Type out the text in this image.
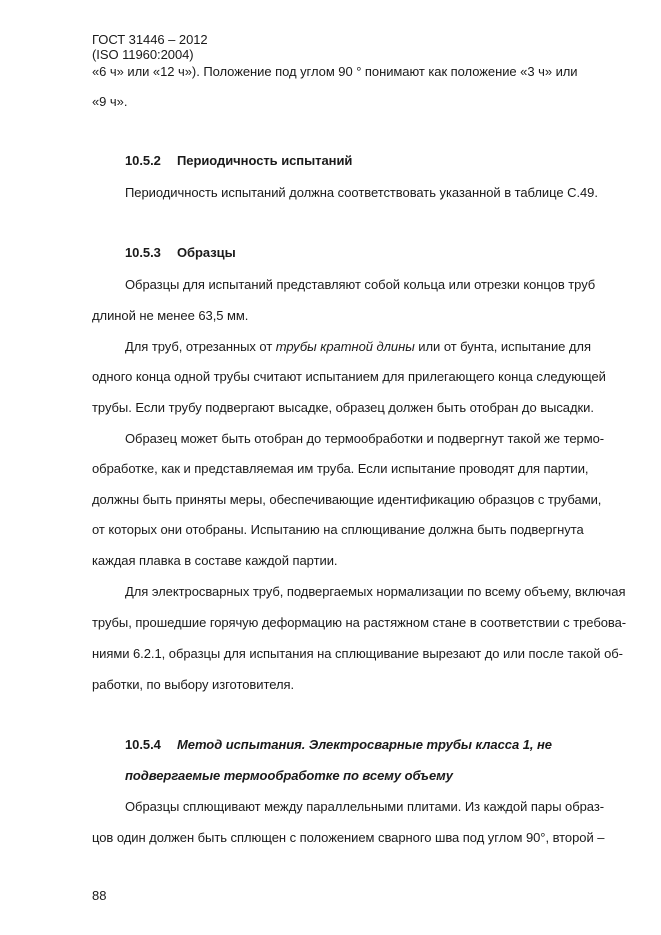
ГОСТ 31446 – 2012
(ISO 11960:2004)
«6 ч» или «12 ч»). Положение под углом 90 ° понимают как положение «3 ч» или
«9 ч».
10.5.2 Периодичность испытаний
Периодичность испытаний должна соответствовать указанной в таблице С.49.
10.5.3 Образцы
Образцы для испытаний представляют собой кольца или отрезки концов труб
длиной не менее 63,5 мм.
Для труб, отрезанных от трубы кратной длины или от бунта, испытание для
одного конца одной трубы считают испытанием для прилегающего конца следующей
трубы. Если трубу подвергают высадке, образец должен быть отобран до высадки.
Образец может быть отобран до термообработки и подвергнут такой же термо-
обработке, как и представляемая им труба. Если испытание проводят для партии,
должны быть приняты меры, обеспечивающие идентификацию образцов с трубами,
от которых они отобраны. Испытанию на сплющивание должна быть подвергнута
каждая плавка в составе каждой партии.
Для электросварных труб, подвергаемых нормализации по всему объему, включая
трубы, прошедшие горячую деформацию на растяжном стане в соответствии с требова-
ниями 6.2.1, образцы для испытания на сплющивание вырезают до или после такой об-
работки, по выбору изготовителя.
10.5.4 Метод испытания. Электросварные трубы класса 1, не
подвергаемые термообработке по всему объему
Образцы сплющивают между параллельными плитами. Из каждой пары образ-
цов один должен быть сплющен с положением сварного шва под углом 90°, второй –
88
